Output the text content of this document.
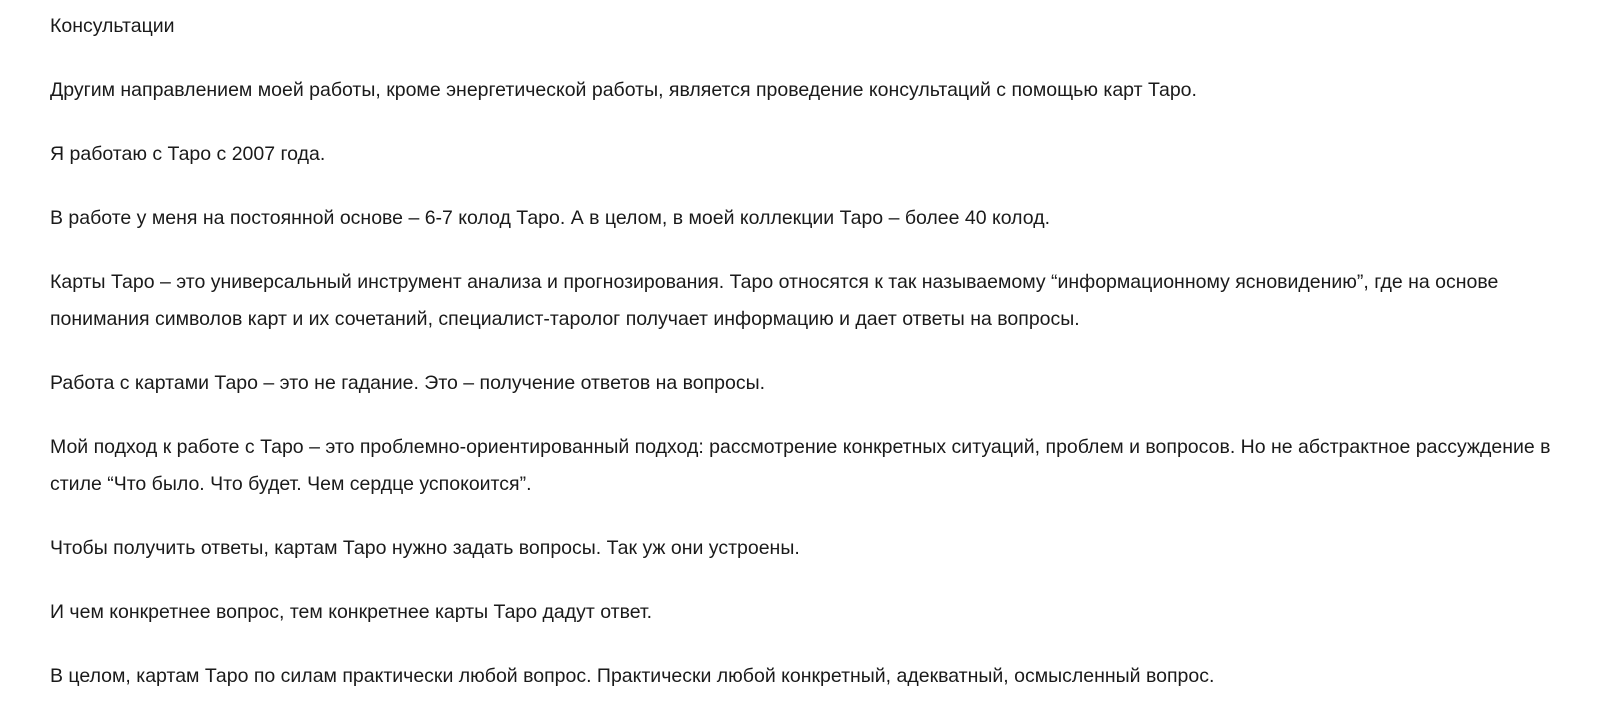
Консультации

Другим направлением моей работы, кроме энергетической работы, является проведение консультаций с помощью карт Таро.

Я работаю с Таро с 2007 года.

В работе у меня на постоянной основе – 6-7 колод Таро. А в целом, в моей коллекции Таро – более 40 колод.

Карты Таро – это универсальный инструмент анализа и прогнозирования. Таро относятся к так называемому “информационному ясновидению”, где на основе понимания символов карт и их сочетаний, специалист-таролог получает информацию и дает ответы на вопросы.

Работа с картами Таро – это не гадание. Это – получение ответов на вопросы.

Мой подход к работе с Таро – это проблемно-ориентированный подход: рассмотрение конкретных ситуаций, проблем и вопросов. Но не абстрактное рассуждение в стиле “Что было. Что будет. Чем сердце успокоится”.

Чтобы получить ответы, картам Таро нужно задать вопросы. Так уж они устроены.

И чем конкретнее вопрос, тем конкретнее карты Таро дадут ответ.

В целом, картам Таро по силам практически любой вопрос. Практически любой конкретный, адекватный, осмысленный вопрос.
